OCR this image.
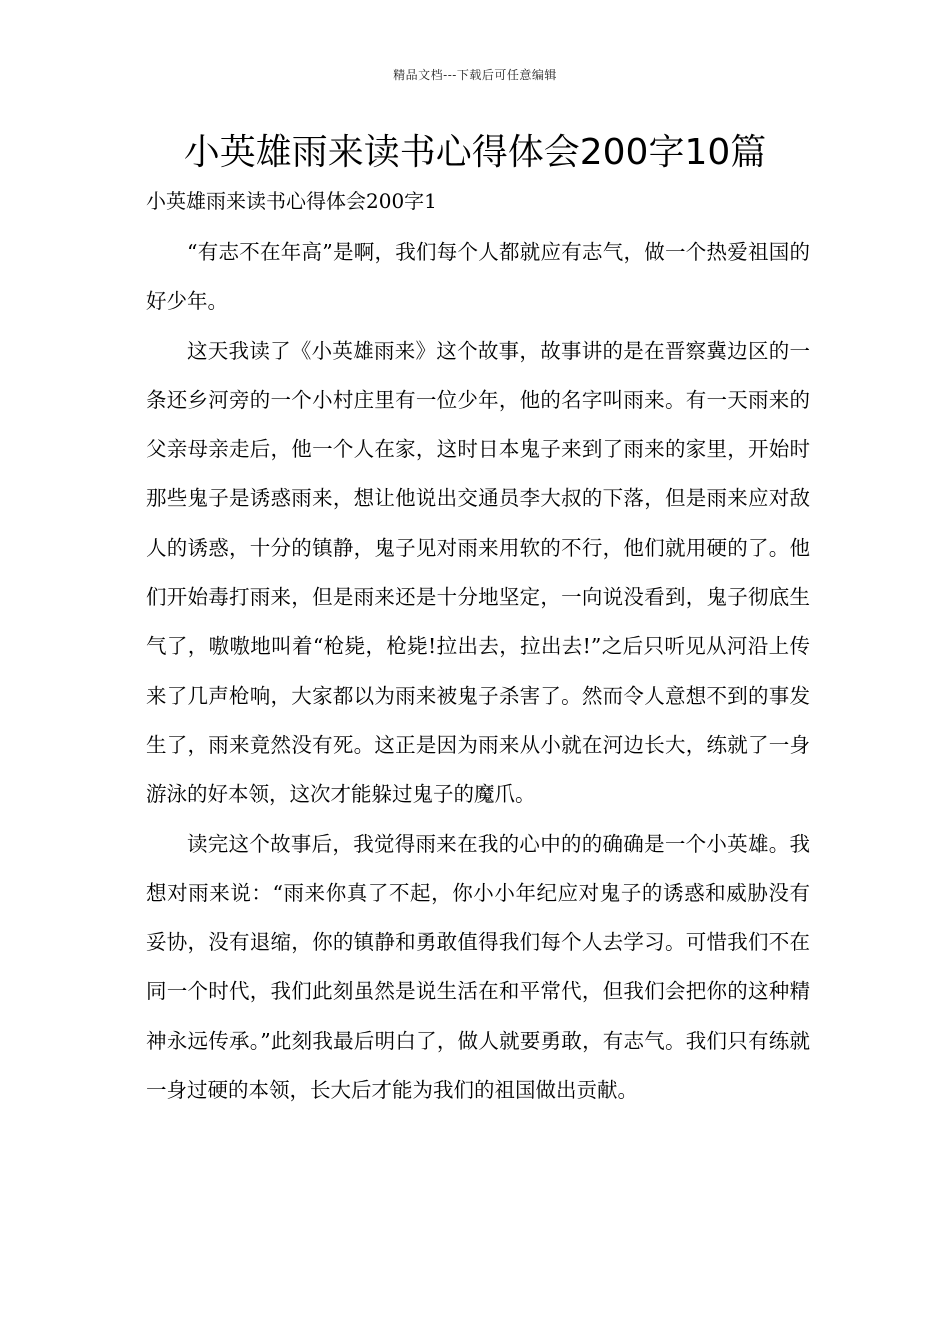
精品文档---下载后可任意编辑
小英雄雨来读书心得体会200字10篇
小英雄雨来读书心得体会200字1

“有志不在年高”是啊，我们每个人都就应有志气，做一个热爱祖国的好少年。

这天我读了《小英雄雨来》这个故事，故事讲的是在晋察冀边区的一条还乡河旁的一个小村庄里有一位少年，他的名字叫雨来。有一天雨来的父亲母亲走后，他一个人在家，这时日本鬼子来到了雨来的家里，开始时那些鬼子是诱惑雨来，想让他说出交通员李大叔的下落，但是雨来应对敌人的诱惑，十分的镇静，鬼子见对雨来用软的不行，他们就用硬的了。他们开始毒打雨来，但是雨来还是十分地坚定，一向说没看到，鬼子彻底生气了，嗷嗷地叫着“枪毙，枪毙!拉出去，拉出去!”之后只听见从河沿上传来了几声枪响，大家都以为雨来被鬼子杀害了。然而令人意想不到的事发生了，雨来竟然没有死。这正是因为雨来从小就在河边长大，练就了一身游泳的好本领，这次才能躲过鬼子的魔爪。

读完这个故事后，我觉得雨来在我的心中的的确确是一个小英雄。我想对雨来说：“雨来你真了不起，你小小年纪应对鬼子的诱惑和威胁没有妥协，没有退缩，你的镇静和勇敢值得我们每个人去学习。可惜我们不在同一个时代，我们此刻虽然是说生活在和平常代，但我们会把你的这种精神永远传承。”此刻我最后明白了，做人就要勇敢，有志气。我们只有练就一身过硬的本领，长大后才能为我们的祖国做出贡献。
